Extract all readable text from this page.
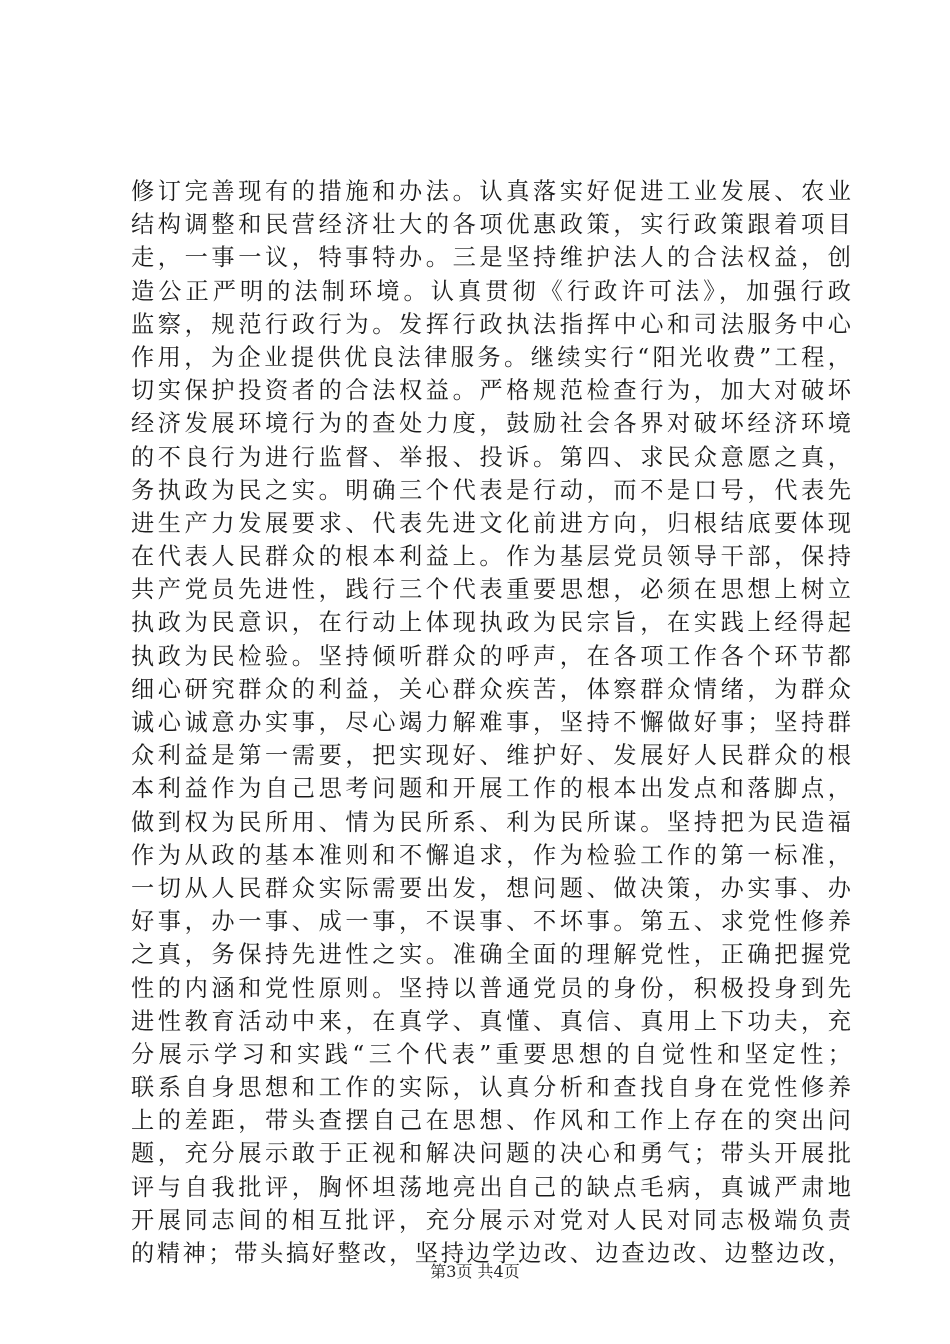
修订完善现有的措施和办法。认真落实好促进工业发展、农业
结构调整和民营经济壮大的各项优惠政策，实行政策跟着项目
走，一事一议，特事特办。三是坚持维护法人的合法权益，创
造公正严明的法制环境。认真贯彻《行政许可法》，加强行政
监察，规范行政行为。发挥行政执法指挥中心和司法服务中心
作用，为企业提供优良法律服务。继续实行“阳光收费”工程，
切实保护投资者的合法权益。严格规范检查行为，加大对破坏
经济发展环境行为的查处力度，鼓励社会各界对破坏经济环境
的不良行为进行监督、举报、投诉。第四、求民众意愿之真，
务执政为民之实。明确三个代表是行动，而不是口号，代表先
进生产力发展要求、代表先进文化前进方向，归根结底要体现
在代表人民群众的根本利益上。作为基层党员领导干部，保持
共产党员先进性，践行三个代表重要思想，必须在思想上树立
执政为民意识，在行动上体现执政为民宗旨，在实践上经得起
执政为民检验。坚持倾听群众的呼声，在各项工作各个环节都
细心研究群众的利益，关心群众疾苦，体察群众情绪，为群众
诚心诚意办实事，尽心竭力解难事，坚持不懈做好事；坚持群
众利益是第一需要，把实现好、维护好、发展好人民群众的根
本利益作为自己思考问题和开展工作的根本出发点和落脚点，
做到权为民所用、情为民所系、利为民所谋。坚持把为民造福
作为从政的基本准则和不懈追求，作为检验工作的第一标准，
一切从人民群众实际需要出发，想问题、做决策，办实事、办
好事，办一事、成一事，不误事、不坏事。第五、求党性修养
之真，务保持先进性之实。准确全面的理解党性，正确把握党
性的内涵和党性原则。坚持以普通党员的身份，积极投身到先
进性教育活动中来，在真学、真懂、真信、真用上下功夫，充
分展示学习和实践“三个代表”重要思想的自觉性和坚定性；
联系自身思想和工作的实际，认真分析和查找自身在党性修养
上的差距，带头查摆自己在思想、作风和工作上存在的突出问
题，充分展示敢于正视和解决问题的决心和勇气；带头开展批
评与自我批评，胸怀坦荡地亮出自己的缺点毛病，真诚严肃地
开展同志间的相互批评，充分展示对党对人民对同志极端负责
的精神；带头搞好整改，坚持边学边改、边查边改、边整边改，
第3页 共4页
